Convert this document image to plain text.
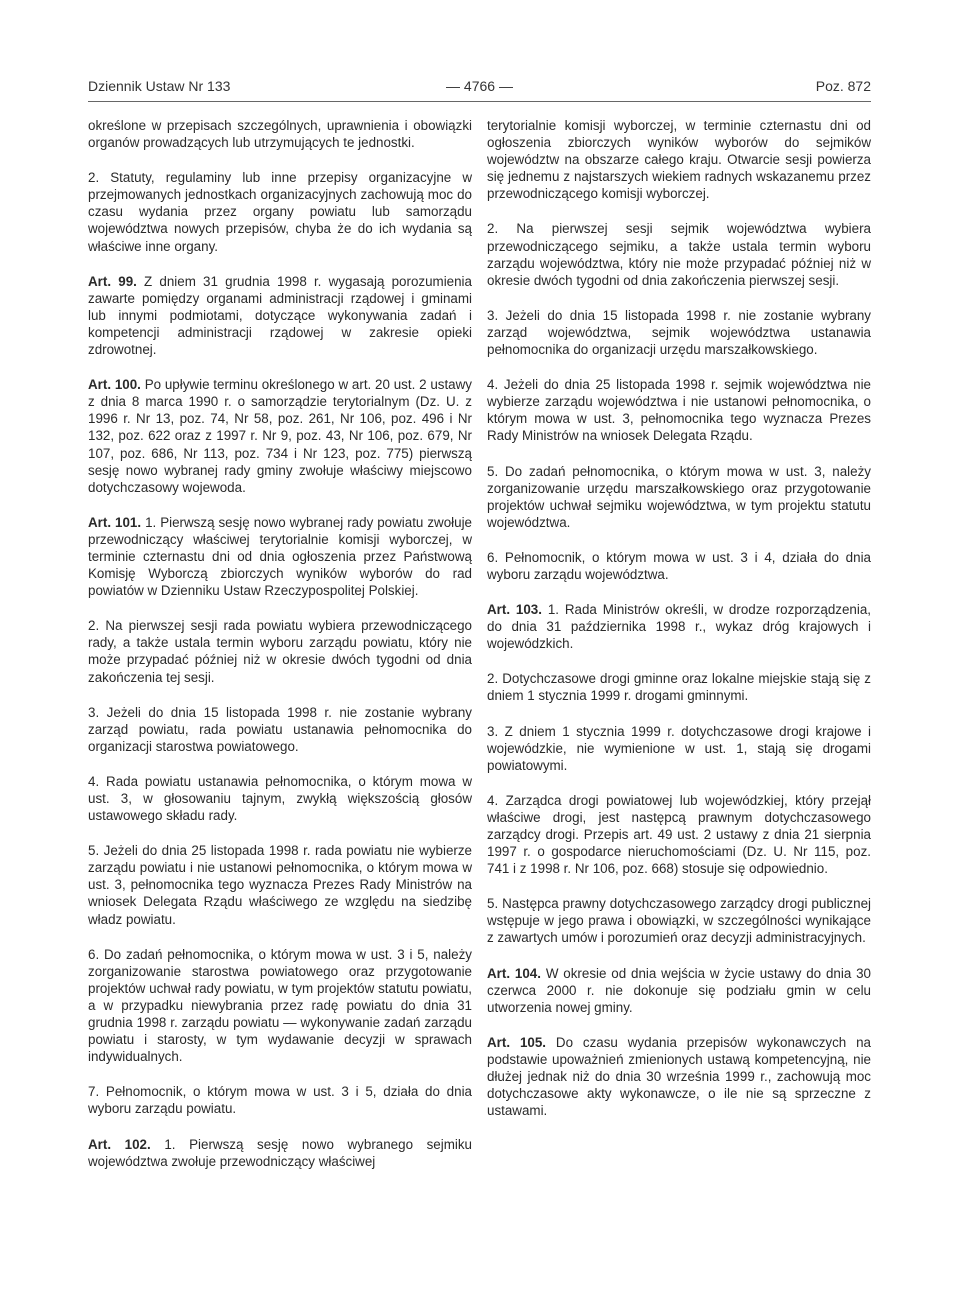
Dziennik Ustaw Nr 133	— 4766 —	Poz. 872

określone w przepisach szczególnych, uprawnienia i obowiązki organów prowadzących lub utrzymujących te jednostki.

2. Statuty, regulaminy lub inne przepisy organizacyjne w przejmowanych jednostkach organizacyjnych zachowują moc do czasu wydania przez organy powiatu lub samorządu województwa nowych przepisów, chyba że do ich wydania są właściwe inne organy.

Art. 99. Z dniem 31 grudnia 1998 r. wygasają porozumienia zawarte pomiędzy organami administracji rządowej i gminami lub innymi podmiotami, dotyczące wykonywania zadań i kompetencji administracji rządowej w zakresie opieki zdrowotnej.

Art. 100. Po upływie terminu określonego w art. 20 ust. 2 ustawy z dnia 8 marca 1990 r. o samorządzie terytorialnym (Dz. U. z 1996 r. Nr 13, poz. 74, Nr 58, poz. 261, Nr 106, poz. 496 i Nr 132, poz. 622 oraz z 1997 r. Nr 9, poz. 43, Nr 106, poz. 679, Nr 107, poz. 686, Nr 113, poz. 734 i Nr 123, poz. 775) pierwszą sesję nowo wybranej rady gminy zwołuje właściwy miejscowo dotychczasowy wojewoda.

Art. 101. 1. Pierwszą sesję nowo wybranej rady powiatu zwołuje przewodniczący właściwej terytorialnie komisji wyborczej, w terminie czternastu dni od dnia ogłoszenia przez Państwową Komisję Wyborczą zbiorczych wyników wyborów do rad powiatów w Dzienniku Ustaw Rzeczypospolitej Polskiej.

2. Na pierwszej sesji rada powiatu wybiera przewodniczącego rady, a także ustala termin wyboru zarządu powiatu, który nie może przypadać później niż w okresie dwóch tygodni od dnia zakończenia tej sesji.

3. Jeżeli do dnia 15 listopada 1998 r. nie zostanie wybrany zarząd powiatu, rada powiatu ustanawia pełnomocnika do organizacji starostwa powiatowego.

4. Rada powiatu ustanawia pełnomocnika, o którym mowa w ust. 3, w głosowaniu tajnym, zwykłą większością głosów ustawowego składu rady.

5. Jeżeli do dnia 25 listopada 1998 r. rada powiatu nie wybierze zarządu powiatu i nie ustanowi pełnomocnika, o którym mowa w ust. 3, pełnomocnika tego wyznacza Prezes Rady Ministrów na wniosek Delegata Rządu właściwego ze względu na siedzibę władz powiatu.

6. Do zadań pełnomocnika, o którym mowa w ust. 3 i 5, należy zorganizowanie starostwa powiatowego oraz przygotowanie projektów uchwał rady powiatu, w tym projektów statutu powiatu, a w przypadku niewybrania przez radę powiatu do dnia 31 grudnia 1998 r. zarządu powiatu — wykonywanie zadań zarządu powiatu i starosty, w tym wydawanie decyzji w sprawach indywidualnych.

7. Pełnomocnik, o którym mowa w ust. 3 i 5, działa do dnia wyboru zarządu powiatu.

Art. 102. 1. Pierwszą sesję nowo wybranego sejmiku województwa zwołuje przewodniczący właściwej

terytorialnie komisji wyborczej, w terminie czternastu dni od ogłoszenia zbiorczych wyników wyborów do sejmików województw na obszarze całego kraju. Otwarcie sesji powierza się jednemu z najstarszych wiekiem radnych wskazanemu przez przewodniczącego komisji wyborczej.

2. Na pierwszej sesji sejmik województwa wybiera przewodniczącego sejmiku, a także ustala termin wyboru zarządu województwa, który nie może przypadać później niż w okresie dwóch tygodni od dnia zakończenia pierwszej sesji.

3. Jeżeli do dnia 15 listopada 1998 r. nie zostanie wybrany zarząd województwa, sejmik województwa ustanawia pełnomocnika do organizacji urzędu marszałkowskiego.

4. Jeżeli do dnia 25 listopada 1998 r. sejmik województwa nie wybierze zarządu województwa i nie ustanowi pełnomocnika, o którym mowa w ust. 3, pełnomocnika tego wyznacza Prezes Rady Ministrów na wniosek Delegata Rządu.

5. Do zadań pełnomocnika, o którym mowa w ust. 3, należy zorganizowanie urzędu marszałkowskiego oraz przygotowanie projektów uchwał sejmiku województwa, w tym projektu statutu województwa.

6. Pełnomocnik, o którym mowa w ust. 3 i 4, działa do dnia wyboru zarządu województwa.

Art. 103. 1. Rada Ministrów określi, w drodze rozporządzenia, do dnia 31 października 1998 r., wykaz dróg krajowych i wojewódzkich.

2. Dotychczasowe drogi gminne oraz lokalne miejskie stają się z dniem 1 stycznia 1999 r. drogami gminnymi.

3. Z dniem 1 stycznia 1999 r. dotychczasowe drogi krajowe i wojewódzkie, nie wymienione w ust. 1, stają się drogami powiatowymi.

4. Zarządca drogi powiatowej lub wojewódzkiej, który przejął właściwe drogi, jest następcą prawnym dotychczasowego zarządcy drogi. Przepis art. 49 ust. 2 ustawy z dnia 21 sierpnia 1997 r. o gospodarce nieruchomościami (Dz. U. Nr 115, poz. 741 i z 1998 r. Nr 106, poz. 668) stosuje się odpowiednio.

5. Następca prawny dotychczasowego zarządcy drogi publicznej wstępuje w jego prawa i obowiązki, w szczególności wynikające z zawartych umów i porozumień oraz decyzji administracyjnych.

Art. 104. W okresie od dnia wejścia w życie ustawy do dnia 30 czerwca 2000 r. nie dokonuje się podziału gmin w celu utworzenia nowej gminy.

Art. 105. Do czasu wydania przepisów wykonawczych na podstawie upoważnień zmienionych ustawą kompetencyjną, nie dłużej jednak niż do dnia 30 września 1999 r., zachowują moc dotychczasowe akty wykonawcze, o ile nie są sprzeczne z ustawami.
